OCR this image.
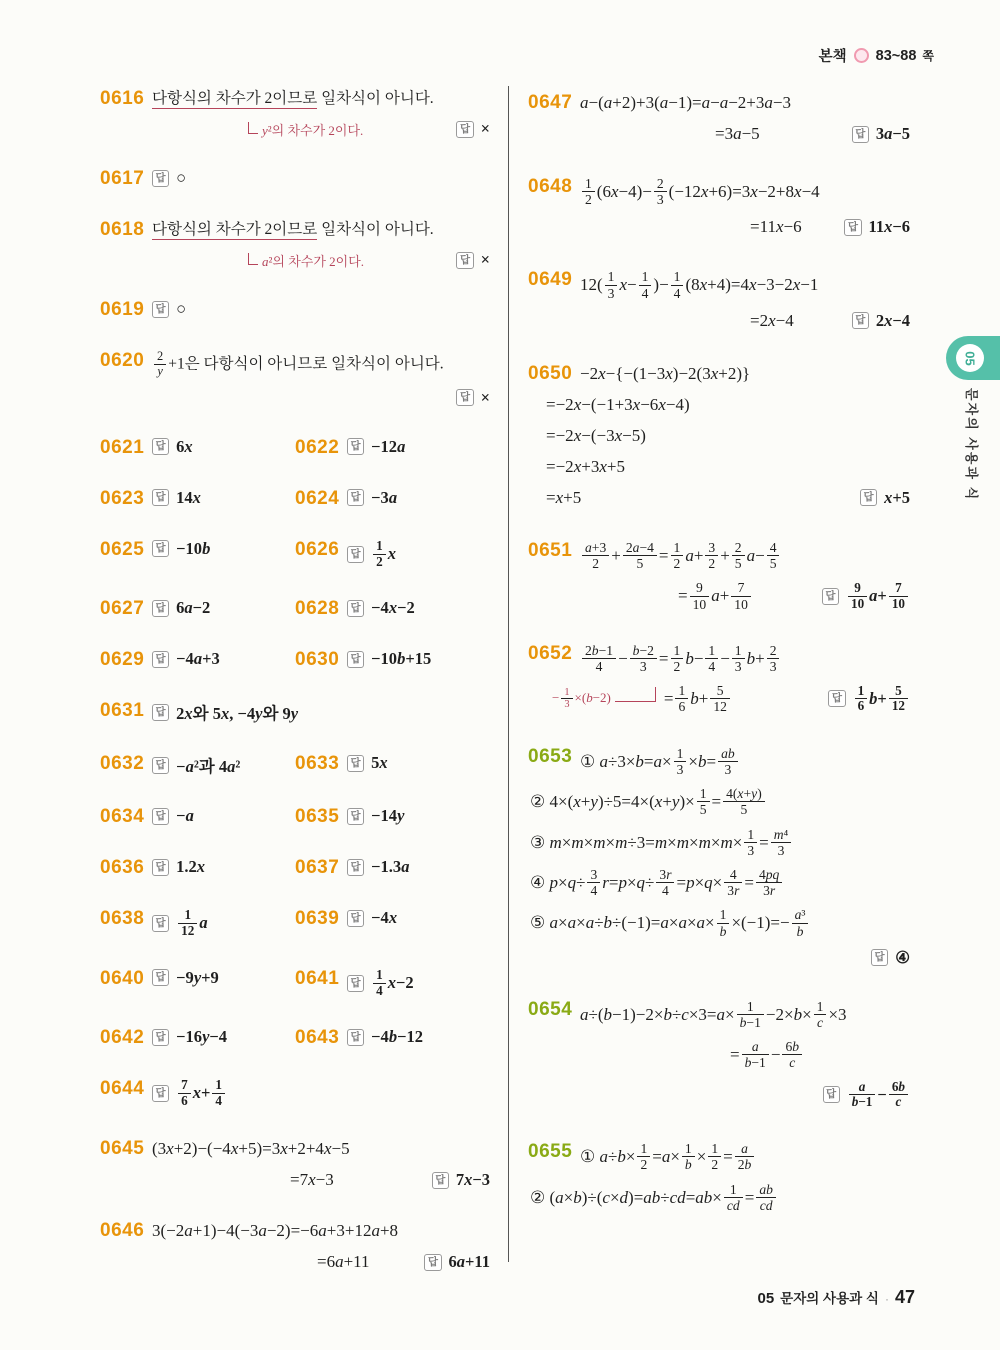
본책 83~88 쪽
05
문자의 사용과 식
0616 다항식의 차수가 2이므로 일차식이 아니다.
y²의 차수가 2이다.	답 ×
0617	답 ○
0618 다항식의 차수가 2이므로 일차식이 아니다.
a²의 차수가 2이다.	답 ×
0619	답 ○
$0620 \frac{2}{y} +1$은 다항식이 아니므로 일차식이 아니다.
답 ×
0621	답 6x	0622	답 −12a
0623	답 14x	0624	답 −3a
0625	답 −10b	0626	답 $\frac{1}{2}$ x
0627	답 6a−2	0628	답 −4x−2
0629	답 −4a+3	0630	답 −10b+15
0631	답 2x와 5x, −4y와 9y
0632	답 −a²과 4a²	0633	답 5x
0634	답 −a	0635	답 −14y
0636	답 1.2x	0637	답 −1.3a
0638	답 $\frac{1}{12}$ a	0639	답 −4x
0640	답 −9y+9	0641	답 $\frac{1}{4} x-2$
0642	답 −16y−4	0643	답 −4b−12
0644	답 $\frac{7}{6} x+ \frac{1}{4}$
0645 (3x+2)−(−4x+5)=3x+2+4x−5
=7x−3	답 7x−3
0646 3(−2a+1)−4(−3a−2)=−6a+3+12a+8
=6a+11	답 6a+11
0647 a−(a+2)+3(a−1)=a−a−2+3a−3
=3a−5	답 3a−5
$0648 \frac{1}{2} (6x-4)- \frac{2}{3} (-12x+6)=3x-2+8x-4$
=11x−6	답 11x−6
0649 $12( \frac{1}{3} x- \frac{1}{4}$ )− $\frac{1}{4} (8x+4)=4x-3-2x-1$
=2x−4	답 2x−4
0650 −2x−{−(1−3x)−2(3x+2)}
=−2x−(−1+3x−6x−4)
=−2x−(−3x−5)
=−2x+3x+5
=x+5	답 x+5
$0651 \frac{a+3}{2} + \frac{2a-4}{5} = \frac{1}{2} a+ \frac{3}{2} + \frac{2}{5} a- \frac{4}{5}$
= $\frac{9}{10} a+ \frac{7}{10}$	답 $\frac{9}{10} a+ \frac{7}{10}$
$0652 \frac{2b-1}{4} - \frac{b-2}{3} = \frac{1}{2} b- \frac{1}{4} - \frac{1}{3} b+ \frac{2}{3}$
− $\frac{1}{3} \times(b-2)$	= $\frac{1}{6} b+ \frac{5}{12}$	답 $\frac{1}{6} b+ \frac{5}{12}$
0653 ① $a\div 3\times b=a\times \frac{1}{3} \times b= \frac{ab}{3}$
② $4\times(x+y)\div 5=4\times(x+y)\times \frac{1}{5} = \frac{4(x+y)}{5}$
③ $m\times m\times m\times m\div 3=m\times m\times m\times m\times \frac{1}{3} = \frac{\text{m⁴}}{3}$
④ $p\times q\div \frac{3}{4} r=p\times q\div \frac{3r}{4} =p\times q\times \frac{4}{3r} = \frac{4pq}{3r}$
⑤ $a\times a\times a\div b\div(-1)=a\times a\times a\times \frac{1}{b} \times(-1)=- \frac{\text{a³}}{b}$
답 ④
0654 $a\div(b-1)-2\times b\div c\times 3=a\times \frac{1}{b-1} -2\times b\times \frac{1}{c} \times 3$
= $\frac{a}{b-1} - \frac{6b}{c}$
답 $\frac{a}{b-1} - \frac{6b}{c}$
0655 ① $a\div b\times \frac{1}{2} =a\times \frac{1}{b} \times \frac{1}{2} = \frac{a}{2b}$
② $(a\times b)\div(c\times d)=ab\div cd=ab\times \frac{1}{cd} = \frac{ab}{cd}$
05 문자의 사용과 식 · 47
